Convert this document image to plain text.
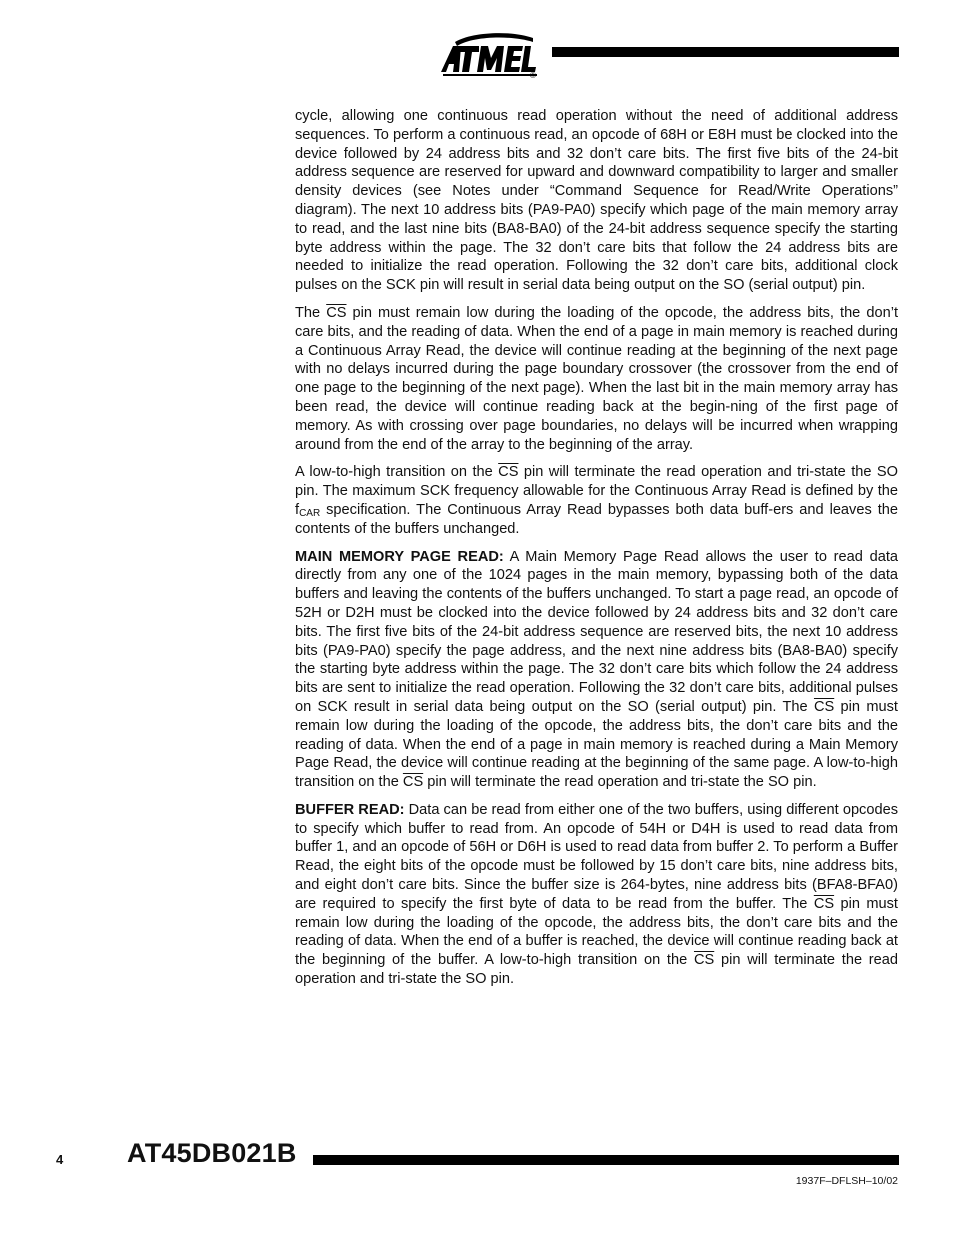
®

cycle, allowing one continuous read operation without the need of additional address sequences. To perform a continuous read, an opcode of 68H or E8H must be clocked into the device followed by 24 address bits and 32 don’t care bits. The first five bits of the 24-bit address sequence are reserved for upward and downward compatibility to larger and smaller density devices (see Notes under “Command Sequence for Read/Write Operations” diagram). The next 10 address bits (PA9-PA0) specify which page of the main memory array to read, and the last nine bits (BA8-BA0) of the 24-bit address sequence specify the starting byte address within the page. The 32 don’t care bits that follow the 24 address bits are needed to initialize the read operation. Following the 32 don’t care bits, additional clock pulses on the SCK pin will result in serial data being output on the SO (serial output) pin.

The $\overline{CS}$ pin must remain low during the loading of the opcode, the address bits, the don’t care bits, and the reading of data. When the end of a page in main memory is reached during a Continuous Array Read, the device will continue reading at the beginning of the next page with no delays incurred during the page boundary crossover (the crossover from the end of one page to the beginning of the next page). When the last bit in the main memory array has been read, the device will continue reading back at the begin-ning of the first page of memory. As with crossing over page boundaries, no delays will be incurred when wrapping around from the end of the array to the beginning of the array.

A low-to-high transition on the $\overline{CS}$ pin will terminate the read operation and tri-state the SO pin. The maximum SCK frequency allowable for the Continuous Array Read is defined by the $f_{CAR}$ specification. The Continuous Array Read bypasses both data buff-ers and leaves the contents of the buffers unchanged.

MAIN MEMORY PAGE READ: A Main Memory Page Read allows the user to read data directly from any one of the 1024 pages in the main memory, bypassing both of the data buffers and leaving the contents of the buffers unchanged. To start a page read, an opcode of 52H or D2H must be clocked into the device followed by 24 address bits and 32 don’t care bits. The first five bits of the 24-bit address sequence are reserved bits, the next 10 address bits (PA9-PA0) specify the page address, and the next nine address bits (BA8-BA0) specify the starting byte address within the page. The 32 don’t care bits which follow the 24 address bits are sent to initialize the read operation. Following the 32 don’t care bits, additional pulses on SCK result in serial data being output on the SO (serial output) pin. The $\overline{CS}$ pin must remain low during the loading of the opcode, the address bits, the don’t care bits and the reading of data. When the end of a page in main memory is reached during a Main Memory Page Read, the device will continue reading at the beginning of the same page. A low-to-high transition on the $\overline{CS}$ pin will terminate the read operation and tri-state the SO pin.

BUFFER READ: Data can be read from either one of the two buffers, using different opcodes to specify which buffer to read from. An opcode of 54H or D4H is used to read data from buffer 1, and an opcode of 56H or D6H is used to read data from buffer 2. To perform a Buffer Read, the eight bits of the opcode must be followed by 15 don’t care bits, nine address bits, and eight don’t care bits. Since the buffer size is 264-bytes, nine address bits (BFA8-BFA0) are required to specify the first byte of data to be read from the buffer. The $\overline{CS}$ pin must remain low during the loading of the opcode, the address bits, the don’t care bits and the reading of data. When the end of a buffer is reached, the device will continue reading back at the beginning of the buffer. A low-to-high transition on the $\overline{CS}$ pin will terminate the read operation and tri-state the SO pin.

4 AT45DB021B
1937F–DFLSH–10/02
